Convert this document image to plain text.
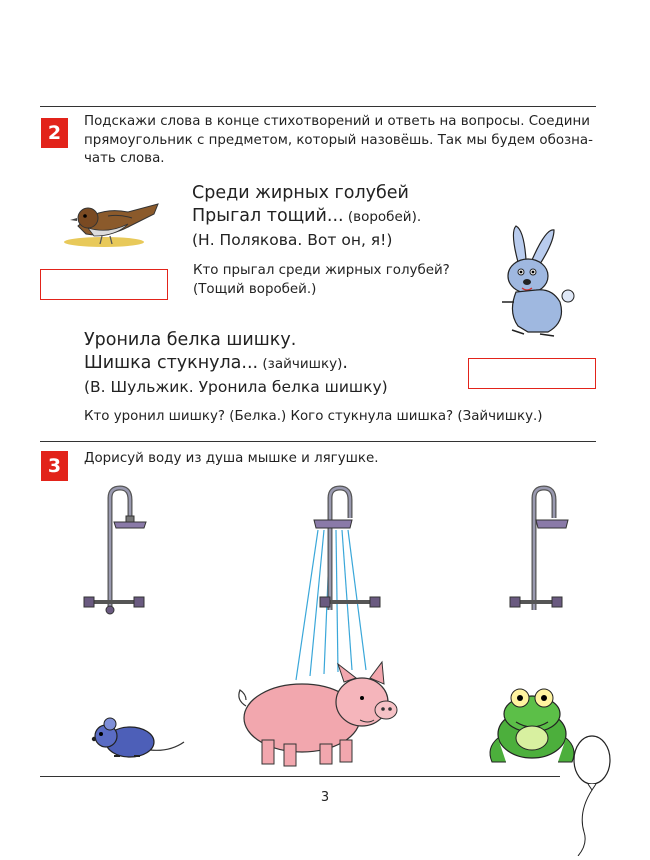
2
Подскажи слова в конце стихотворений и ответь на вопросы. Соедини прямоугольник с предметом, который назовёшь. Так мы будем обозначать слова.
Среди жирных голубей
Прыгал тощий... (воробей).
(Н. Полякова. Вот он, я!)
Кто прыгал среди жирных голубей?
(Тощий воробей.)
Уронила белка шишку.
Шишка стукнула... (зайчишку).
(В. Шульжик. Уронила белка шишку)
Кто уронил шишку? (Белка.) Кого стукнула шишка? (Зайчишку.)
3	Дорисуй воду из душа мышке и лягушке.
3
